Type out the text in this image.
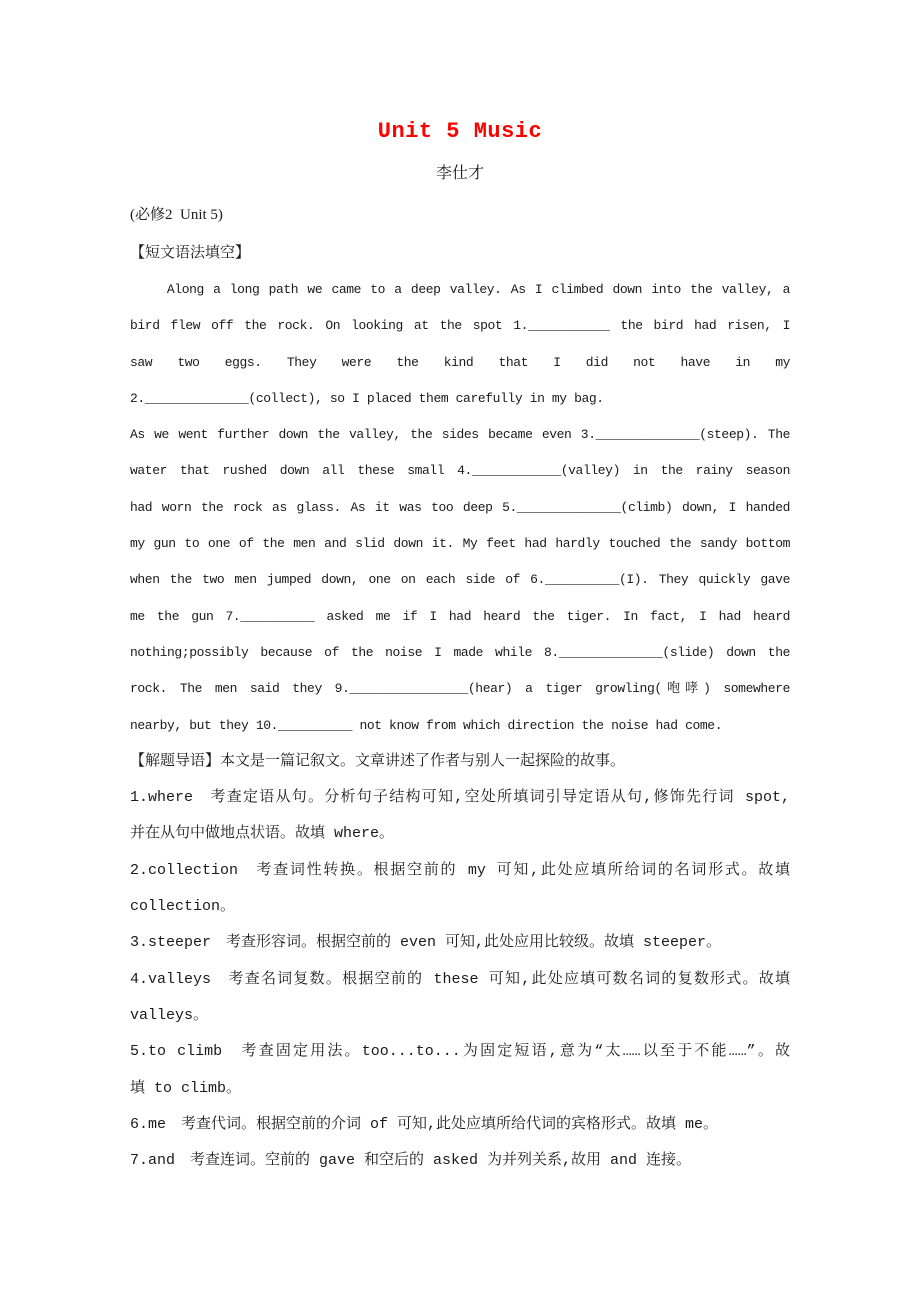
Unit 5 Music
李仕才
(必修2  Unit 5)
【短文语法填空】
Along a long path we came to a deep valley. As I climbed down into the valley, a
bird flew off the rock. On looking at the spot 1.___________ the bird had risen, I
saw two eggs. They were the kind that I did not have in my
2.______________(collect), so I placed them carefully in my bag.
As we went further down the valley, the sides became even 3.______________(steep). The
water that rushed down all these small 4.____________(valley) in the rainy season
had worn the rock as glass. As it was too deep 5.______________(climb) down, I handed
my gun to one of the men and slid down it. My feet had hardly touched the sandy bottom
when the two men jumped down, one on each side of 6.__________(I). They quickly gave
me the gun 7.__________ asked me if I had heard the tiger. In fact, I had heard
nothing;possibly because of the noise I made while 8.______________(slide) down the
rock. The men said they 9.________________(hear) a tiger growling(咆哮) somewhere
nearby, but they 10.__________ not know from which direction the noise had come.
【解题导语】本文是一篇记叙文。文章讲述了作者与别人一起探险的故事。
1.where　考查定语从句。分析句子结构可知,空处所填词引导定语从句,修饰先行词 spot,
并在从句中做地点状语。故填 where。
2.collection　考查词性转换。根据空前的 my 可知,此处应填所给词的名词形式。故填
collection。
3.steeper　考查形容词。根据空前的 even 可知,此处应用比较级。故填 steeper。
4.valleys　考查名词复数。根据空前的 these 可知,此处应填可数名词的复数形式。故填
valleys。
5.to climb　考查固定用法。too...to...为固定短语,意为“太……以至于不能……”。故
填 to climb。
6.me　考查代词。根据空前的介词 of 可知,此处应填所给代词的宾格形式。故填 me。
7.and　考查连词。空前的 gave 和空后的 asked 为并列关系,故用 and 连接。
